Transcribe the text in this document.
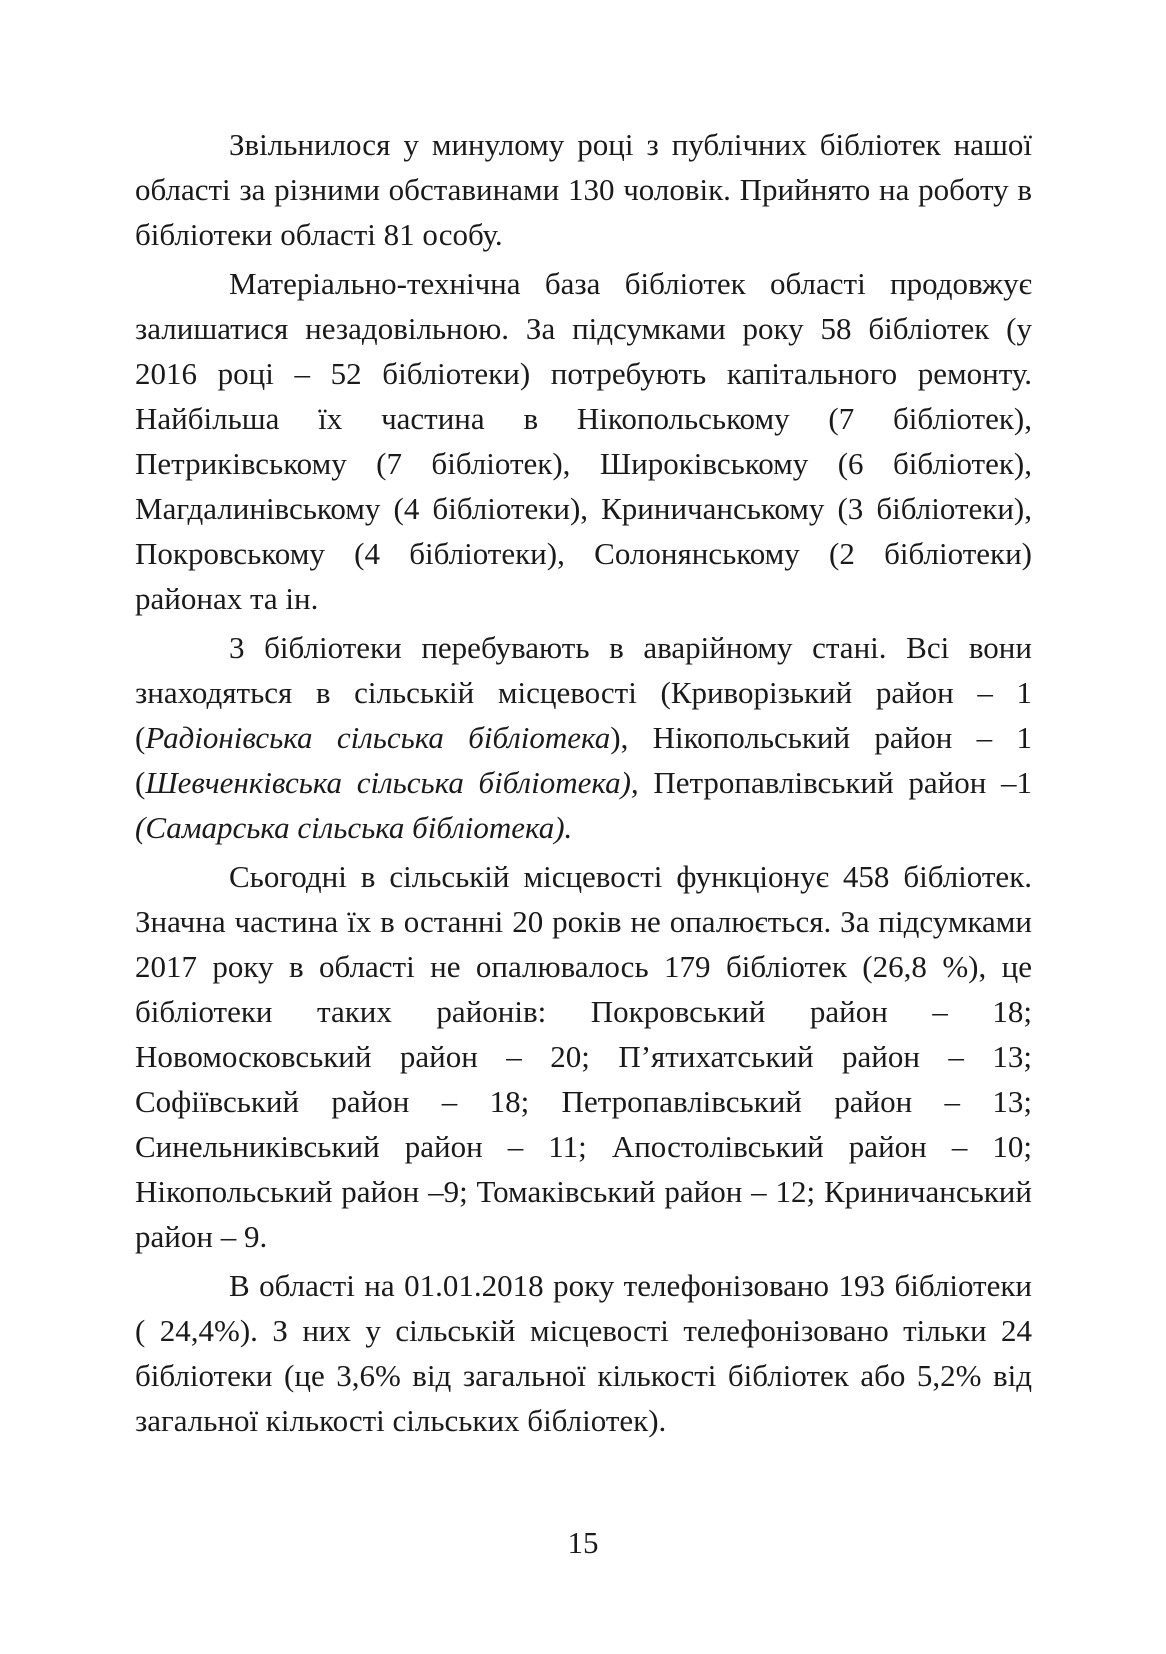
Звільнилося у минулому році з публічних бібліотек нашої області за різними обставинами 130 чоловік. Прийнято на роботу в бібліотеки області 81 особу.

Матеріально-технічна база бібліотек області продовжує залишатися незадовільною. За підсумками року 58 бібліотек (у 2016 році – 52 бібліотеки) потребують капітального ремонту. Найбільша їх частина в Нікопольському (7 бібліотек), Петриківському (7 бібліотек), Широківському (6 бібліотек), Магдалинівському (4 бібліотеки), Криничанському (3 бібліотеки), Покровському (4 бібліотеки), Солонянському (2 бібліотеки) районах та ін.

3 бібліотеки перебувають в аварійному стані. Всі вони знаходяться в сільській місцевості (Криворізький район – 1 (Радіонівська сільська бібліотека), Нікопольський район – 1 (Шевченківська сільська бібліотека), Петропавлівський район –1 (Самарська сільська бібліотека).

Сьогодні в сільській місцевості функціонує 458 бібліотек. Значна частина їх в останні 20 років не опалюється. За підсумками 2017 року в області не опалювалось 179 бібліотек (26,8 %), це бібліотеки таких районів: Покровський район – 18; Новомосковський район – 20; П’ятихатський район – 13; Софіївський район – 18; Петропавлівський район – 13; Синельниківський район – 11; Апостолівський район – 10; Нікопольський район –9; Томаківський район – 12; Криничанський район – 9.

В області на 01.01.2018 року телефонізовано 193 бібліотеки ( 24,4%). З них у сільській місцевості телефонізовано тільки 24 бібліотеки (це 3,6% від загальної кількості бібліотек або 5,2% від загальної кількості сільських бібліотек).

15
